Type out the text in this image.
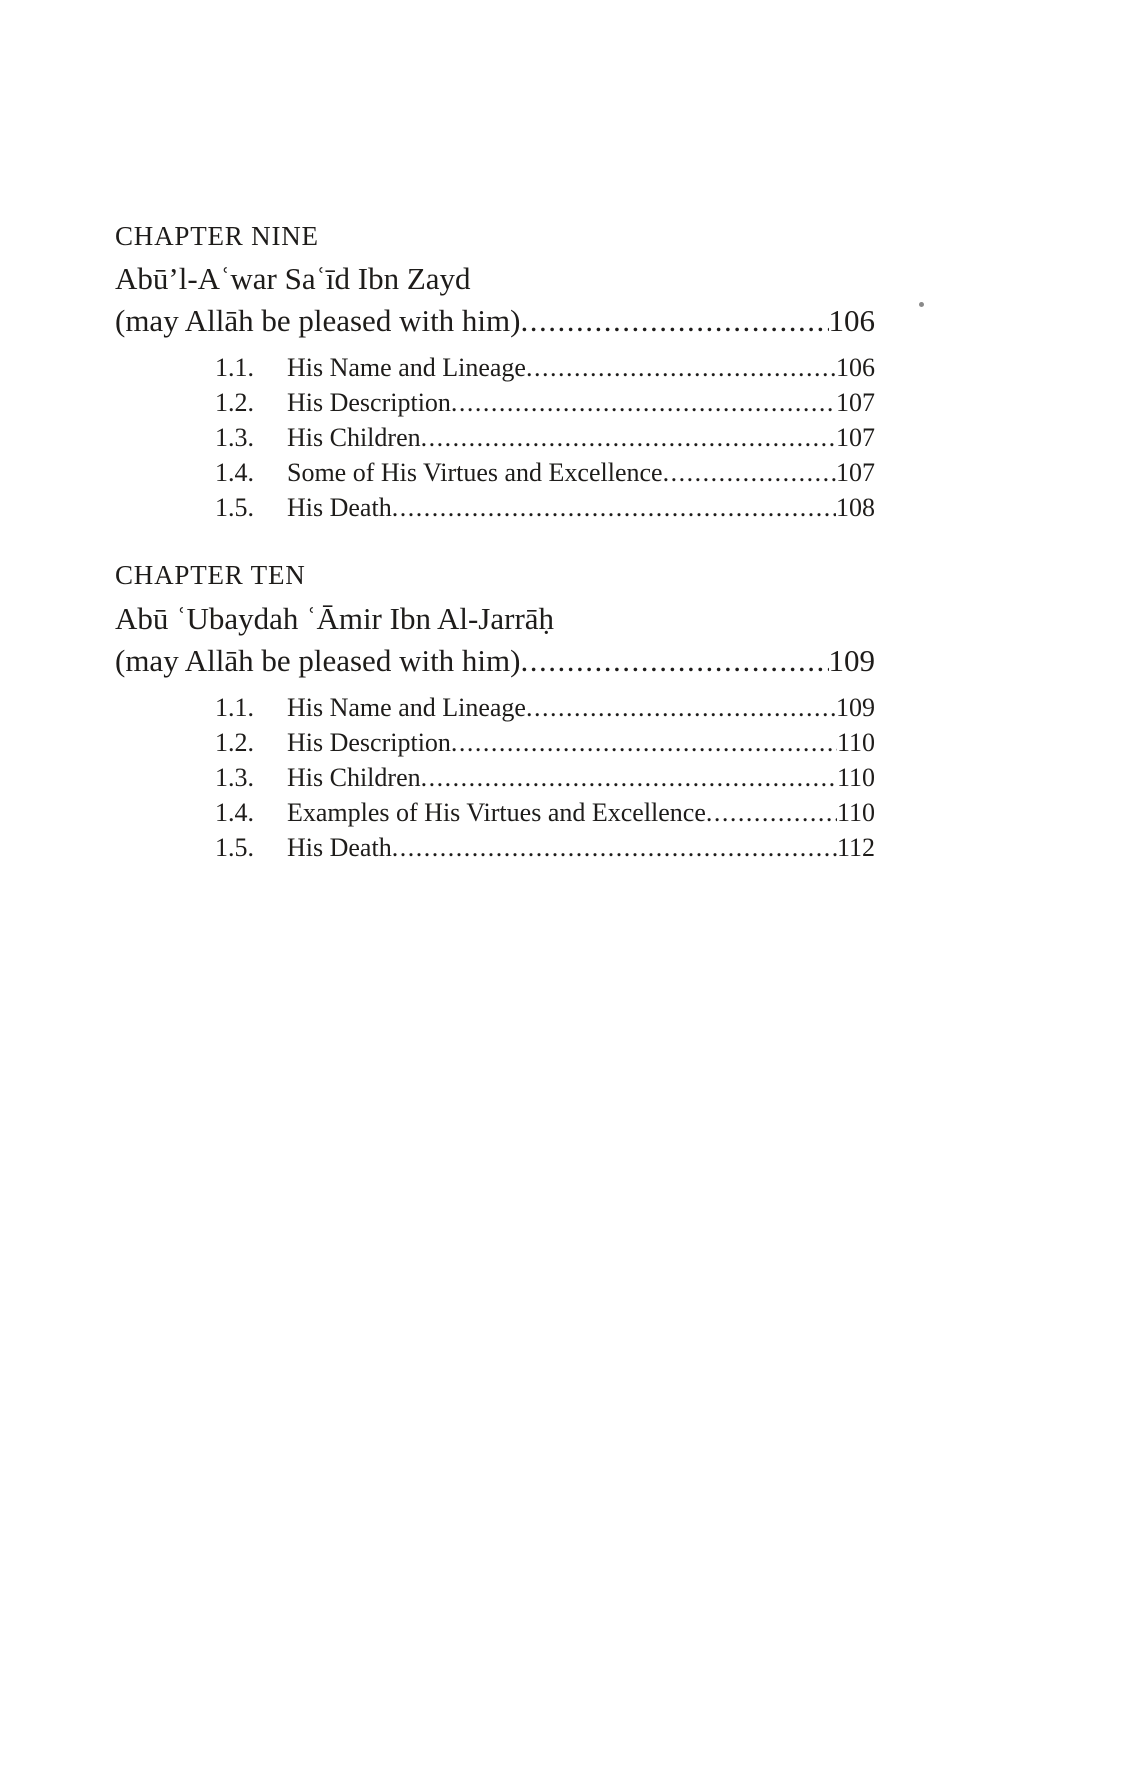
CHAPTER NINE
Abū’l-Aʿwar Saʿīd Ibn Zayd
(may Allāh be pleased with him) .....	106
1.1.	His Name and Lineage .....	106
1.2.	His Description .....	107
1.3.	His Children .....	107
1.4.	Some of His Virtues and Excellence .....	107
1.5.	His Death .....	108
CHAPTER TEN
Abū ʿUbaydah ʿĀmir Ibn Al-Jarrāḥ
(may Allāh be pleased with him) .....	109
1.1.	His Name and Lineage .....	109
1.2.	His Description .....	110
1.3.	His Children .....	110
1.4.	Examples of His Virtues and Excellence .....	110
1.5.	His Death .....	112
